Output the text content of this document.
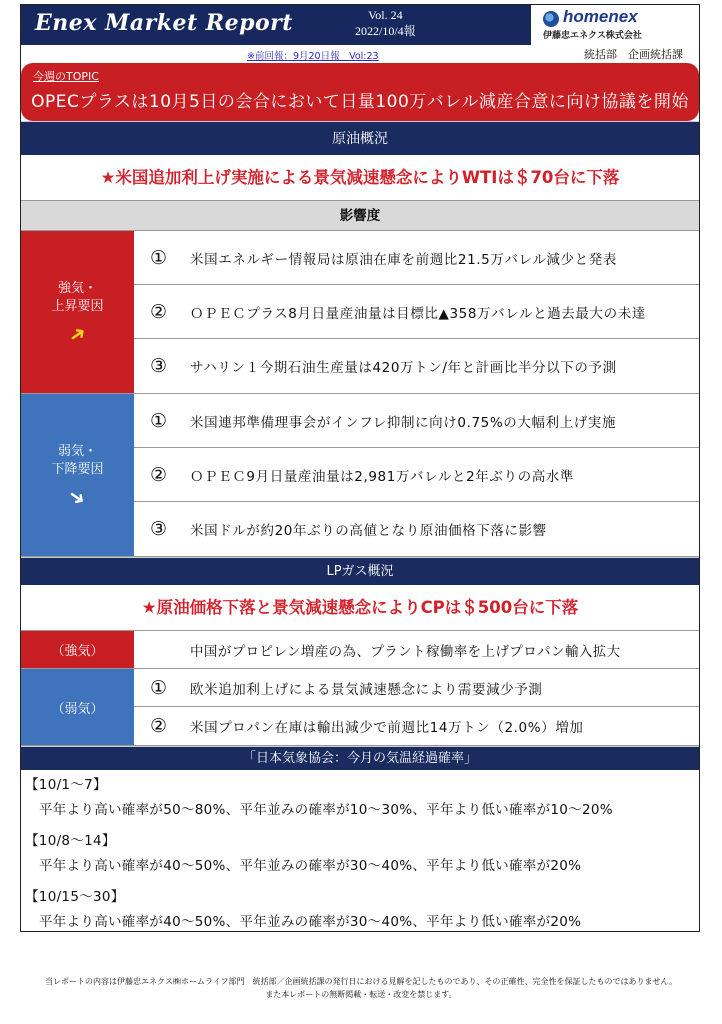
Enex Market Report	Vol. 24
2022/10/4報
homenex
伊藤忠エネクス株式会社
※前回報：9月20日報　Vol:23	統括部　企画統括課
今週のTOPIC
OPECプラスは10月5日の会合において日量100万バレル減産合意に向け協議を開始
原油概況
★米国追加利上げ実施による景気減速懸念によりWTIは＄70台に下落
影響度
強気・
上昇要因
➜
①	米国エネルギー情報局は原油在庫を前週比21.5万バレル減少と発表
②	ＯＰＥＣプラス8月日量産油量は目標比▲358万バレルと過去最大の未達
③	サハリン１今期石油生産量は420万トン/年と計画比半分以下の予測
弱気・
下降要因
➜
①	米国連邦準備理事会がインフレ抑制に向け0.75%の大幅利上げ実施
②	ＯＰＥＣ9月日量産油量は2,981万バレルと2年ぶりの高水準
③	米国ドルが約20年ぶりの高値となり原油価格下落に影響
LPガス概況
★原油価格下落と景気減速懸念によりCPは＄500台に下落
（強気）	中国がプロピレン増産の為、プラント稼働率を上げプロパン輸入拡大
（弱気）
①	欧米追加利上げによる景気減速懸念により需要減少予測
②	米国プロパン在庫は輸出減少で前週比14万トン（2.0%）増加
「日本気象協会：今月の気温経過確率」
【10/1～7】
平年より高い確率が50～80%、平年並みの確率が10～30%、平年より低い確率が10～20%
【10/8～14】
平年より高い確率が40～50%、平年並みの確率が30～40%、平年より低い確率が20%
【10/15～30】
平年より高い確率が40～50%、平年並みの確率が30～40%、平年より低い確率が20%
当レポートの内容は伊藤忠エネクス㈱ホームライフ部門　統括部／企画統括課の発行日における見解を記したものであり、その正確性、完全性を保証したものではありません。
また本レポートの無断掲載・転送・改変を禁じます。
